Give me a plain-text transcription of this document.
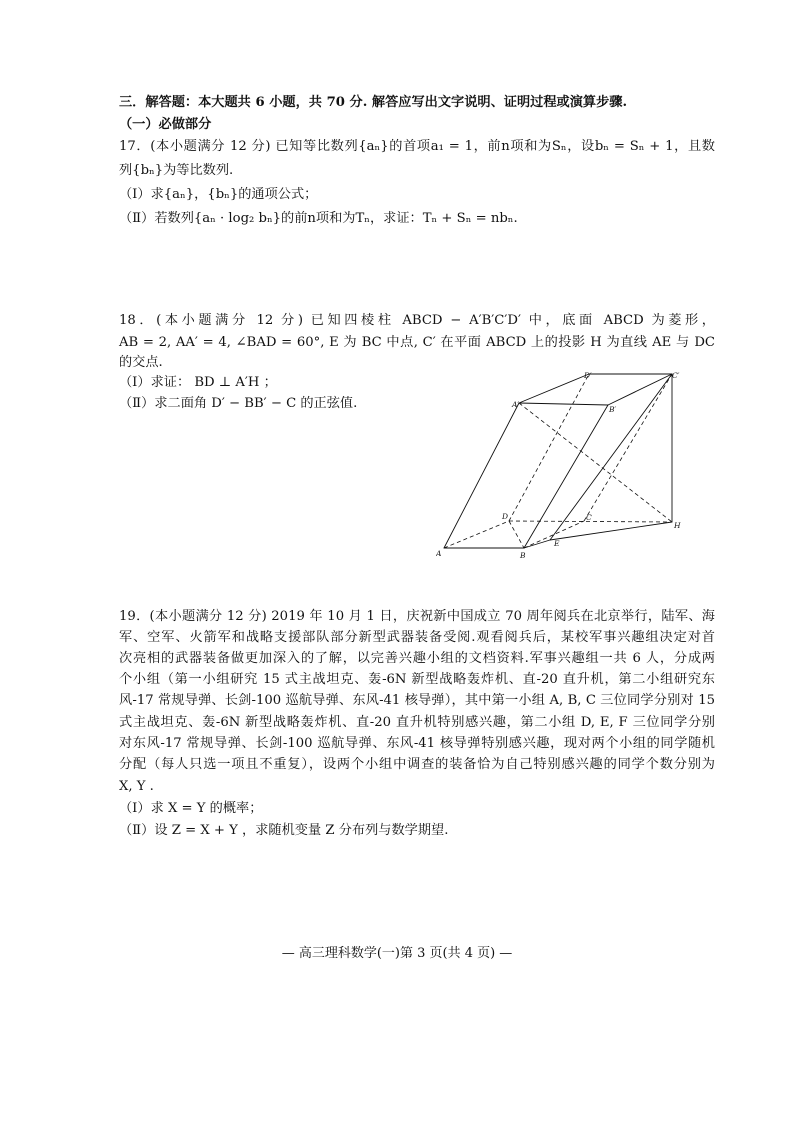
三．解答题：本大题共 6 小题，共 70 分. 解答应写出文字说明、证明过程或演算步骤.
（一）必做部分
17．(本小题满分 12 分) 已知等比数列{aₙ}的首项a₁ = 1，前n项和为Sₙ，设bₙ = Sₙ + 1，且数
列{bₙ}为等比数列.
（Ⅰ）求{aₙ}，{bₙ}的通项公式；
（Ⅱ）若数列{aₙ · log₂ bₙ}的前n项和为Tₙ，求证：Tₙ + Sₙ = nbₙ.
18．(本小题满分 12 分) 已知四棱柱 ABCD − A′B′C′D′ 中，底面 ABCD 为菱形，
AB = 2, AA′ = 4, ∠BAD = 60°, E 为 BC 中点, C′ 在平面 ABCD 上的投影 H 为直线 AE 与 DC
的交点.
（Ⅰ）求证： BD ⊥ A′H ；
（Ⅱ）求二面角 D′ − BB′ − C 的正弦值.
A	B
C
D
E
H
A′
B′
C′
D′
19．(本小题满分 12 分) 2019 年 10 月 1 日，庆祝新中国成立 70 周年阅兵在北京举行，陆军、海
军、空军、火箭军和战略支援部队部分新型武器装备受阅.观看阅兵后，某校军事兴趣组决定对首
次亮相的武器装备做更加深入的了解，以完善兴趣小组的文档资料.军事兴趣组一共 6 人，分成两
个小组（第一小组研究 15 式主战坦克、轰-6N 新型战略轰炸机、直-20 直升机，第二小组研究东
风-17 常规导弹、长剑-100 巡航导弹、东风-41 核导弹），其中第一小组 A, B, C 三位同学分别对 15
式主战坦克、轰-6N 新型战略轰炸机、直-20 直升机特别感兴趣，第二小组 D, E, F 三位同学分别
对东风-17 常规导弹、长剑-100 巡航导弹、东风-41 核导弹特别感兴趣，现对两个小组的同学随机
分配（每人只选一项且不重复），设两个小组中调查的装备恰为自己特别感兴趣的同学个数分别为
X, Y .
（Ⅰ）求 X = Y 的概率；
（Ⅱ）设 Z = X + Y ，求随机变量 Z 分布列与数学期望.
— 高三理科数学(一)第 3 页(共 4 页) —
